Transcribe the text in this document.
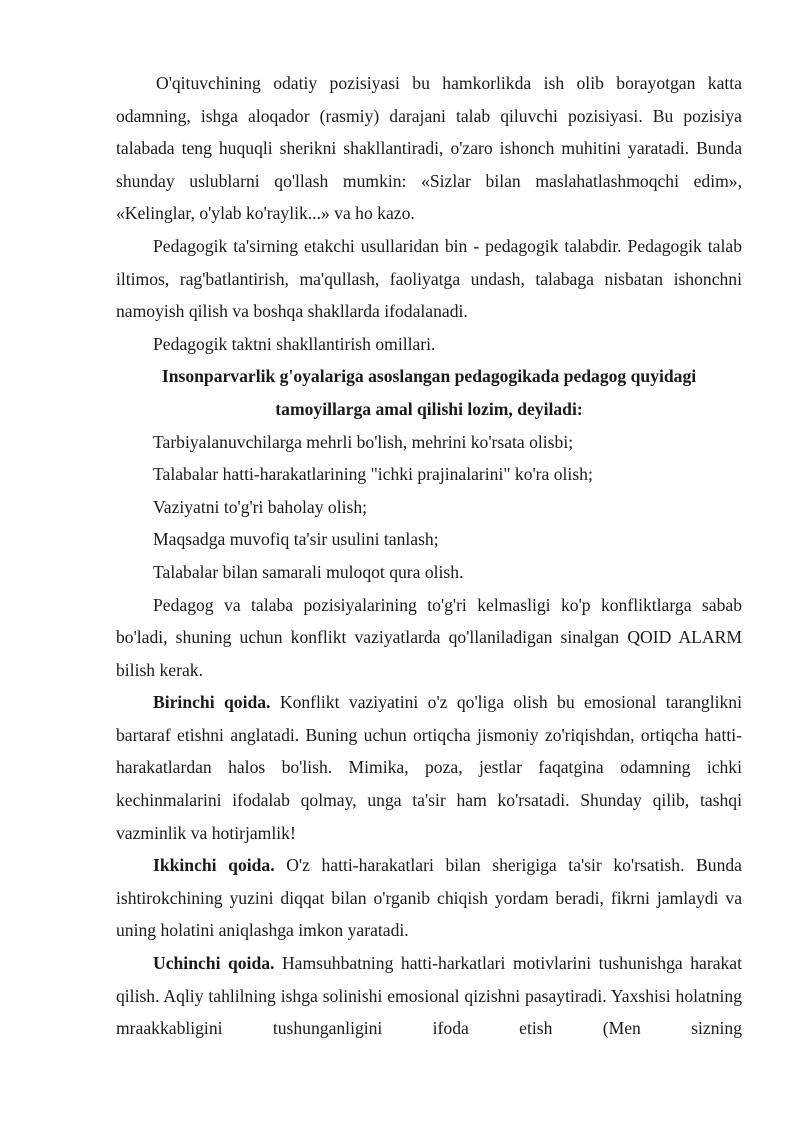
O'qituvchining odatiy pozisiyasi bu hamkorlikda ish olib borayotgan katta odamning, ishga aloqador (rasmiy) darajani talab qiluvchi pozisiyasi. Bu pozisiya talabada teng huquqli sherikni shakllantiradi, o'zaro ishonch muhitini yaratadi. Bunda shunday uslublarni qo'llash mumkin: «Sizlar bilan maslahatlashmoqchi edim», «Kelinglar, o'ylab ko'raylik...» va ho kazo.

Pedagogik ta'sirning etakchi usullaridan bin - pedagogik talabdir. Pedagogik talab iltimos, rag'batlantirish, ma'qullash, faoliyatga undash, talabaga nisbatan ishonchni namoyish qilish va boshqa shakllarda ifodalanadi.

Pedagogik taktni shakllantirish omillari.

Insonparvarlik g'oyalariga asoslangan pedagogikada pedagog quyidagi tamoyillarga amal qilishi lozim, deyiladi:

Tarbiyalanuvchilarga mehrli bo'lish, mehrini ko'rsata olisbi;

Talabalar hatti-harakatlarining "ichki prajinalarini" ko'ra olish;

Vaziyatni to'g'ri baholay olish;

Maqsadga muvofiq ta'sir usulini tanlash;

Talabalar bilan samarali muloqot qura olish.

Pedagog va talaba pozisiyalarining to'g'ri kelmasligi ko'p konfliktlarga sabab bo'ladi, shuning uchun konflikt vaziyatlarda qo'llaniladigan sinalgan QOID ALARM bilish kerak.

Birinchi qoida. Konflikt vaziyatini o'z qo'liga olish bu emosional taranglikni bartaraf etishni anglatadi. Buning uchun ortiqcha jismoniy zo'riqishdan, ortiqcha hatti-harakatlardan halos bo'lish. Mimika, poza, jestlar faqatgina odamning ichki kechinmalarini ifodalab qolmay, unga ta'sir ham ko'rsatadi. Shunday qilib, tashqi vazminlik va hotirjamlik!

Ikkinchi qoida. O'z hatti-harakatlari bilan sherigiga ta'sir ko'rsatish. Bunda ishtirokchining yuzini diqqat bilan o'rganib chiqish yordam beradi, fikrni jamlaydi va uning holatini aniqlashga imkon yaratadi.

Uchinchi qoida. Hamsuhbatning hatti-harkatlari motivlarini tushunishga harakat qilish. Aqliy tahlilning ishga solinishi emosional qizishni pasaytiradi. Yaxshisi holatning mraakkabligini tushunganligini ifoda etish (Men sizning
